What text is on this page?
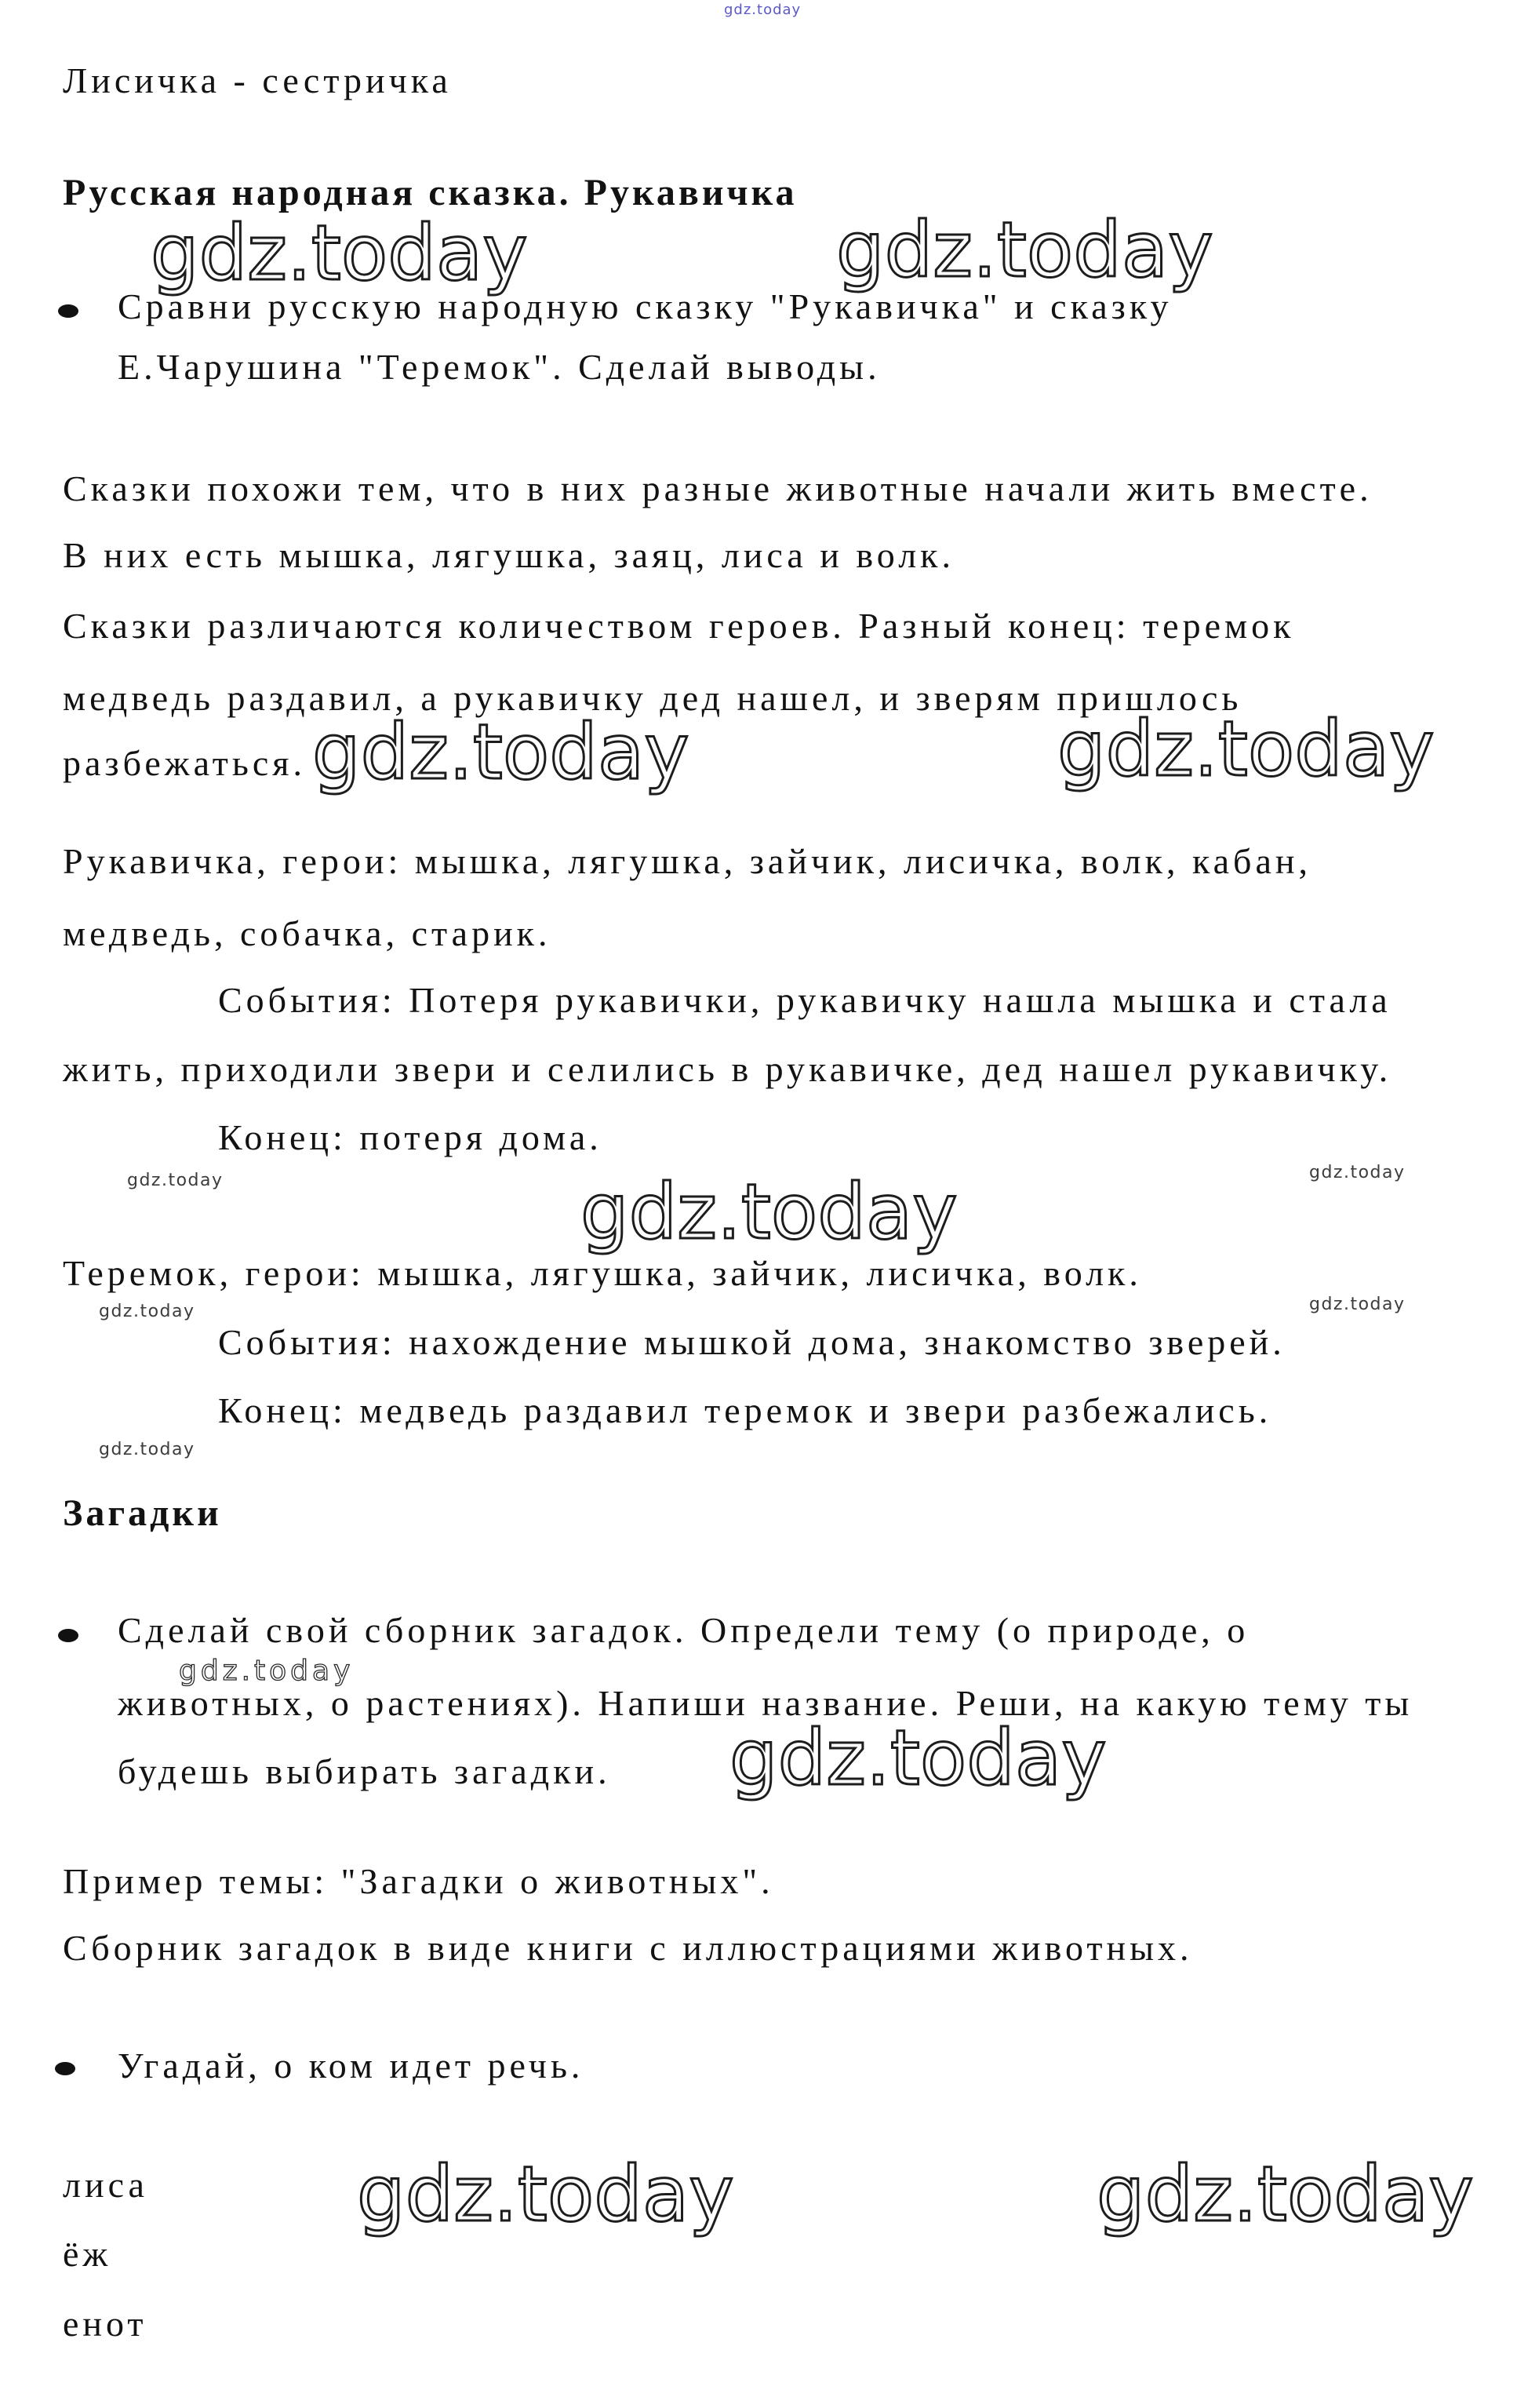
gdz.today
Лисичка - сестричка
Русская народная сказка. Рукавичка
gdz.today	gdz.today
Сравни русскую народную сказку "Рукавичка" и сказку
Е.Чарушина "Теремок". Сделай выводы.
Сказки похожи тем, что в них разные животные начали жить вместе.
В них есть мышка, лягушка, заяц, лиса и волк.
Сказки различаются количеством героев. Разный конец: теремок
медведь раздавил, а рукавичку дед нашел, и зверям пришлось
разбежаться. gdz.today	gdz.today
Рукавичка, герои: мышка, лягушка, зайчик, лисичка, волк, кабан,
медведь, собачка, старик.
События: Потеря рукавички, рукавичку нашла мышка и стала
жить, приходили звери и селились в рукавичке, дед нашел рукавичку.
Конец: потеря дома.
gdz.today	gdz.today
gdz.today
Теремок, герои: мышка, лягушка, зайчик, лисичка, волк.
gdz.today	gdz.today
События: нахождение мышкой дома, знакомство зверей.
Конец: медведь раздавил теремок и звери разбежались.
gdz.today
Загадки
Сделай свой сборник загадок. Определи тему (о природе, о
gdz.today
животных, о растениях). Напиши название. Реши, на какую тему ты
будешь выбирать загадки. gdz.today
Пример темы: "Загадки о животных".
Сборник загадок в виде книги с иллюстрациями животных.
Угадай, о ком идет речь.
лиса	gdz.today	gdz.today
ёж
енот
